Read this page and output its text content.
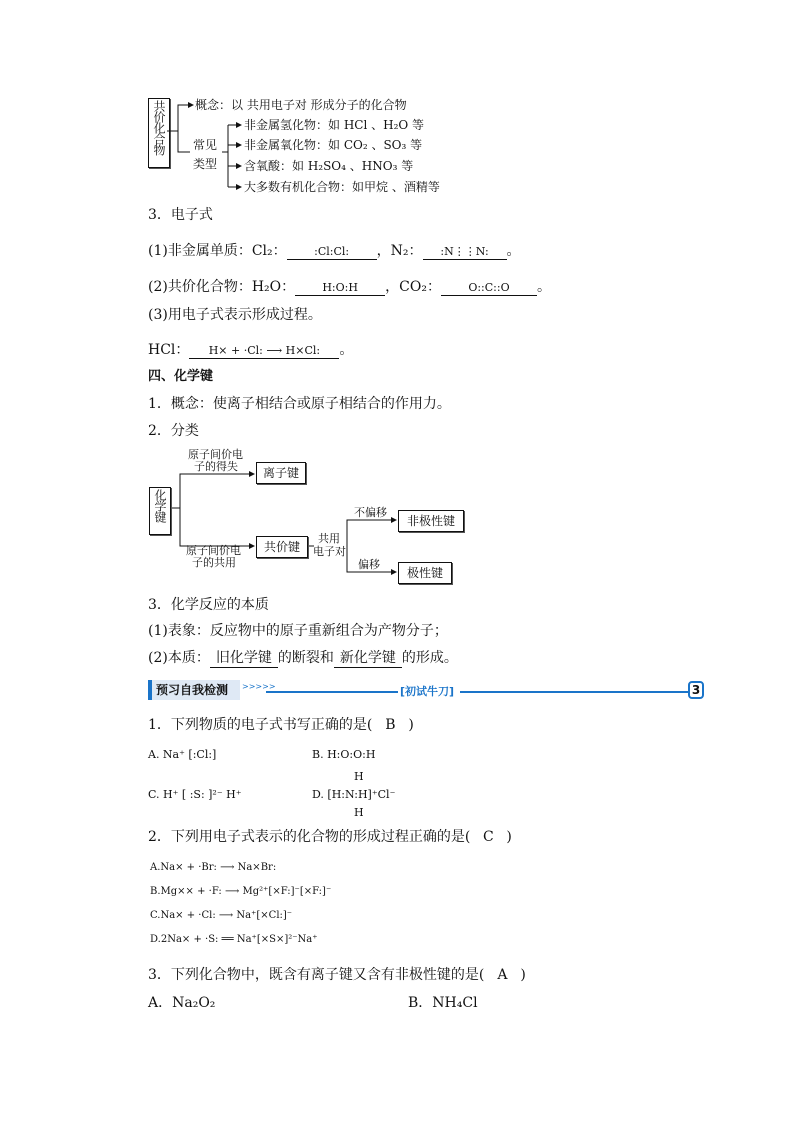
共价化合物	概念：以 共用电子对 形成分子的化合物
常见
类型
非金属氢化物：如 HCl 、H₂O 等
非金属氧化物：如 CO₂ 、SO₃ 等
含氧酸：如 H₂SO₄ 、HNO₃ 等
大多数有机化合物：如甲烷 、酒精等
3．电子式
(1)非金属单质：Cl₂：	:Cl:Cl: ，N₂： :N⋮⋮N: 。
(2)共价化合物：H₂O： H:O:H ，CO₂： O::C::O 。
(3)用电子式表示形成过程。
HCl： H× + ·Cl: ⟶ H×Cl: 。
四、化学键
1．概念：使离子相结合或原子相结合的作用力。
2．分类
化学键
原子间价电
子的得失	离子键
原子间价电
子的共用
共价键
共用
电子对
不偏移
非极性键
偏移
极性键
3．化学反应的本质
(1)表象：反应物中的原子重新组合为产物分子；
(2)本质： 旧化学键 的断裂和 新化学键 的形成。
预习自我检测 >>>>>	[初试牛刀]	3
1．下列物质的电子式书写正确的是( B )
A. Na⁺ [:Cl:]	B. H:O:O:H
C. H⁺ [ :S: ]²⁻ H⁺
H
D. [H:N:H]⁺Cl⁻
H
2．下列用电子式表示的化合物的形成过程正确的是( C )
A.Na× + ·Br: ⟶ Na×Br:
B.Mg×× + ·F: ⟶ Mg²⁺[×F:]⁻[×F:]⁻
C.Na× + ·Cl: ⟶ Na⁺[×Cl:]⁻
D.2Na× + ·S: ══ Na⁺[×S×]²⁻Na⁺
3．下列化合物中，既含有离子键又含有非极性键的是( A )
A．Na₂O₂	B．NH₄Cl
